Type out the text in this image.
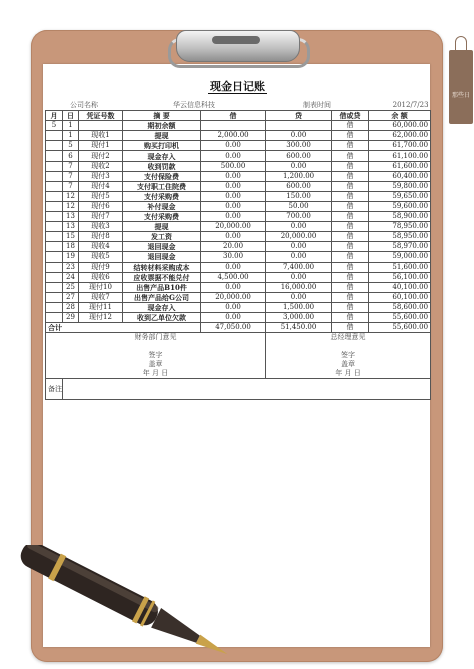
那些日
现金日记账
公司名称			华云信息科技		制表时间		2012/7/23
月	日	凭证号数	摘 要	借	贷	借或贷	余 额
5	1		期初余额			借	60,000.00
	1	现收1	提现	2,000.00	0.00	借	62,000.00
	5	现付1	购买打印机	0.00	300.00	借	61,700.00
	6	现付2	现金存入	0.00	600.00	借	61,100.00
	7	现收2	收到罚款	500.00	0.00	借	61,600.00
	7	现付3	支付保险费	0.00	1,200.00	借	60,400.00
	7	现付4	支付职工住院费	0.00	600.00	借	59,800.00
	12	现付5	支付采购费	0.00	150.00	借	59,650.00
	12	现付6	补付现金	0.00	50.00	借	59,600.00
	13	现付7	支付采购费	0.00	700.00	借	58,900.00
	13	现收3	提现	20,000.00	0.00	借	78,950.00
	15	现付8	发工资	0.00	20,000.00	借	58,950.00
	18	现收4	退回现金	20.00	0.00	借	58,970.00
	19	现收5	退回现金	30.00	0.00	借	59,000.00
	23	现付9	结转材料采购成本	0.00	7,400.00	借	51,600.00
	24	现收6	应收票据不能兑付	4,500.00	0.00	借	56,100.00
	25	现付10	出售产品B10件	0.00	16,000.00	借	40,100.00
	27	现收7	出售产品给G公司	20,000.00	0.00	借	60,100.00
	28	现付11	现金存入	0.00	1,500.00	借	58,600.00
	29	现付12	收到乙单位欠款	0.00	3,000.00	借	55,600.00
合计				47,050.00	51,450.00	借	55,600.00
财务部门意见					总经理意见		

签字					签字		
盖章					盖章		
年 月 日					年 月 日		
备注							
